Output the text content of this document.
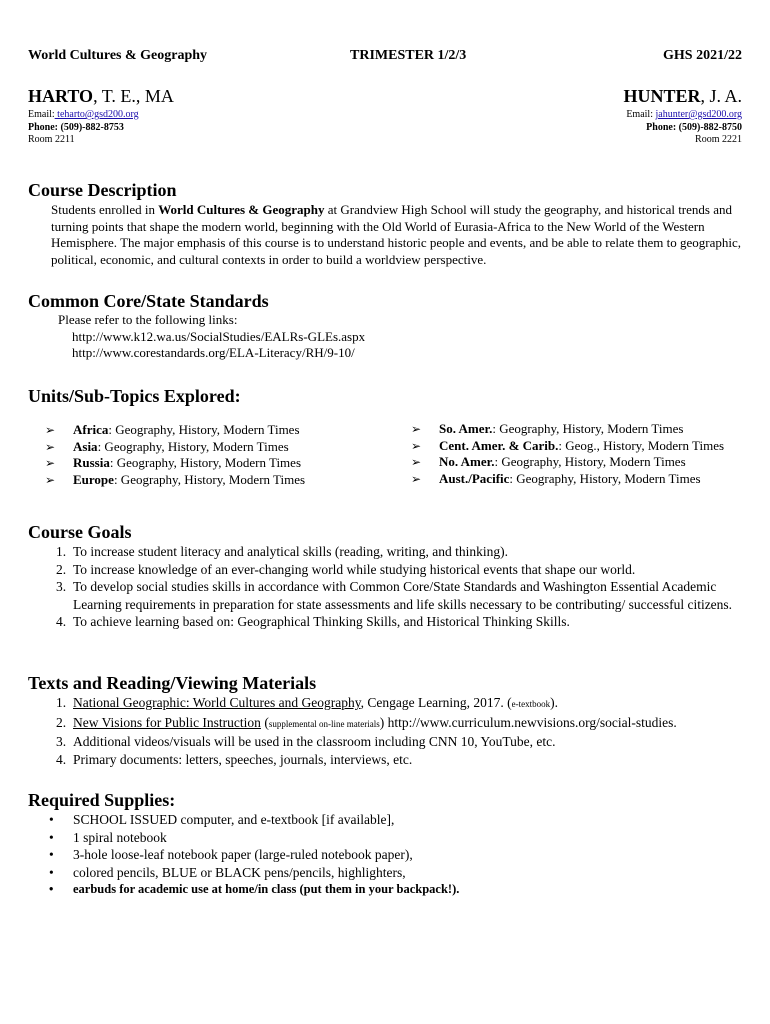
World Cultures & Geography	TRIMESTER 1/2/3	GHS 2021/22
HARTO, T. E., MA
Email: teharto@gsd200.org
Phone: (509)-882-8753
Room 2211
HUNTER, J. A.
Email: jahunter@gsd200.org
Phone: (509)-882-8750
Room 2221
Course Description
Students enrolled in World Cultures & Geography at Grandview High School will study the geography, and historical trends and turning points that shape the modern world, beginning with the Old World of Eurasia-Africa to the New World of the Western Hemisphere. The major emphasis of this course is to understand historic people and events, and be able to relate them to geographic, political, economic, and cultural contexts in order to build a worldview perspective.
Common Core/State Standards
Please refer to the following links:
http://www.k12.wa.us/SocialStudies/EALRs-GLEs.aspx
http://www.corestandards.org/ELA-Literacy/RH/9-10/
Units/Sub-Topics Explored:
➢ Africa: Geography, History, Modern Times
➢ Asia: Geography, History, Modern Times
➢ Russia: Geography, History, Modern Times
➢ Europe: Geography, History, Modern Times
➢ So. Amer.: Geography, History, Modern Times
➢ Cent. Amer. & Carib.: Geog., History, Modern Times
➢ No. Amer.: Geography, History, Modern Times
➢ Aust./Pacific: Geography, History, Modern Times
Course Goals
1. To increase student literacy and analytical skills (reading, writing, and thinking).
2. To increase knowledge of an ever-changing world while studying historical events that shape our world.
3. To develop social studies skills in accordance with Common Core/State Standards and Washington Essential Academic Learning requirements in preparation for state assessments and life skills necessary to be contributing/ successful citizens.
4. To achieve learning based on: Geographical Thinking Skills, and Historical Thinking Skills.
Texts and Reading/Viewing Materials
1. National Geographic: World Cultures and Geography, Cengage Learning, 2017. (e-textbook).
2. New Visions for Public Instruction (supplemental on-line materials) http://www.curriculum.newvisions.org/social-studies.
3. Additional videos/visuals will be used in the classroom including CNN 10, YouTube, etc.
4. Primary documents: letters, speeches, journals, interviews, etc.
Required Supplies:
• SCHOOL ISSUED computer, and e-textbook [if available],
• 1 spiral notebook
• 3-hole loose-leaf notebook paper (large-ruled notebook paper),
• colored pencils, BLUE or BLACK pens/pencils, highlighters,
• earbuds for academic use at home/in class (put them in your backpack!).
